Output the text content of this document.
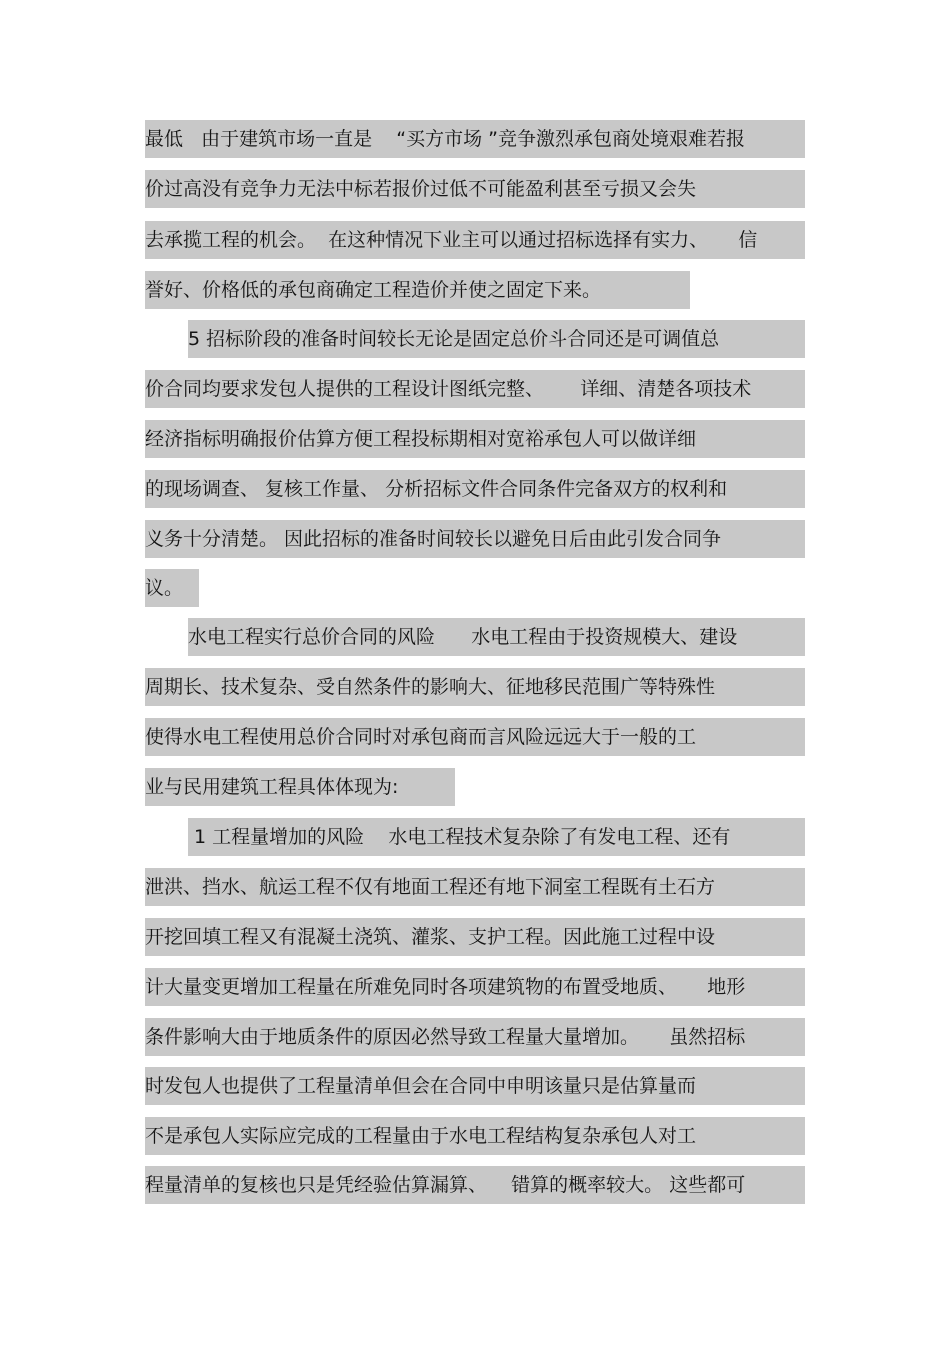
最低   由于建筑市场一直是    “买方市场 ”竞争激烈承包商处境艰难若报
价过高没有竞争力无法中标若报价过低不可能盈利甚至亏损又会失
去承揽工程的机会。  在这种情况下业主可以通过招标选择有实力、     信
誉好、价格低的承包商确定工程造价并使之固定下来。
5 招标阶段的准备时间较长无论是固定总价斗合同还是可调值总
价合同均要求发包人提供的工程设计图纸完整、      详细、清楚各项技术
经济指标明确报价估算方便工程投标期相对宽裕承包人可以做详细
的现场调查、 复核工作量、 分析招标文件合同条件完备双方的权利和
义务十分清楚。 因此招标的准备时间较长以避免日后由此引发合同争
议。
水电工程实行总价合同的风险      水电工程由于投资规模大、建设
周期长、技术复杂、受自然条件的影响大、征地移民范围广等特殊性
使得水电工程使用总价合同时对承包商而言风险远远大于一般的工
业与民用建筑工程具体体现为:
1 工程量增加的风险    水电工程技术复杂除了有发电工程、还有
泄洪、挡水、航运工程不仅有地面工程还有地下洞室工程既有土石方
开挖回填工程又有混凝土浇筑、灌浆、支护工程。因此施工过程中设
计大量变更增加工程量在所难免同时各项建筑物的布置受地质、     地形
条件影响大由于地质条件的原因必然导致工程量大量增加。     虽然招标
时发包人也提供了工程量清单但会在合同中申明该量只是估算量而
不是承包人实际应完成的工程量由于水电工程结构复杂承包人对工
程量清单的复核也只是凭经验估算漏算、    错算的概率较大。 这些都可
